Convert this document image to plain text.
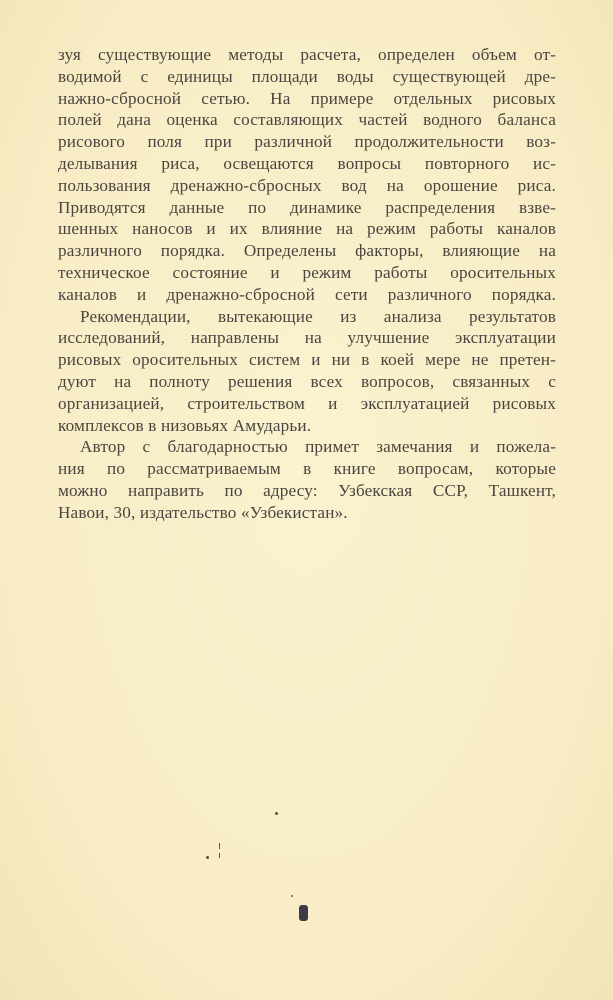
зуя существующие методы расчета, определен объем от-
водимой с единицы площади воды существующей дре-
нажно-сбросной сетью. На примере отдельных рисовых
полей дана оценка составляющих частей водного баланса
рисового поля при различной продолжительности воз-
делывания риса, освещаются вопросы повторного ис-
пользования дренажно-сбросных вод на орошение риса.
Приводятся данные по динамике распределения взве-
шенных наносов и их влияние на режим работы каналов
различного порядка. Определены факторы, влияющие на
техническое состояние и режим работы оросительных
каналов и дренажно-сбросной сети различного порядка.
Рекомендации, вытекающие из анализа результатов
исследований, направлены на улучшение эксплуатации
рисовых оросительных систем и ни в коей мере не претен-
дуют на полноту решения всех вопросов, связанных с
организацией, строительством и эксплуатацией рисовых
комплексов в низовьях Амударьи.
Автор с благодарностью примет замечания и пожела-
ния по рассматриваемым в книге вопросам, которые
можно направить по адресу: Узбекская ССР, Ташкент,
Навои, 30, издательство «Узбекистан».
